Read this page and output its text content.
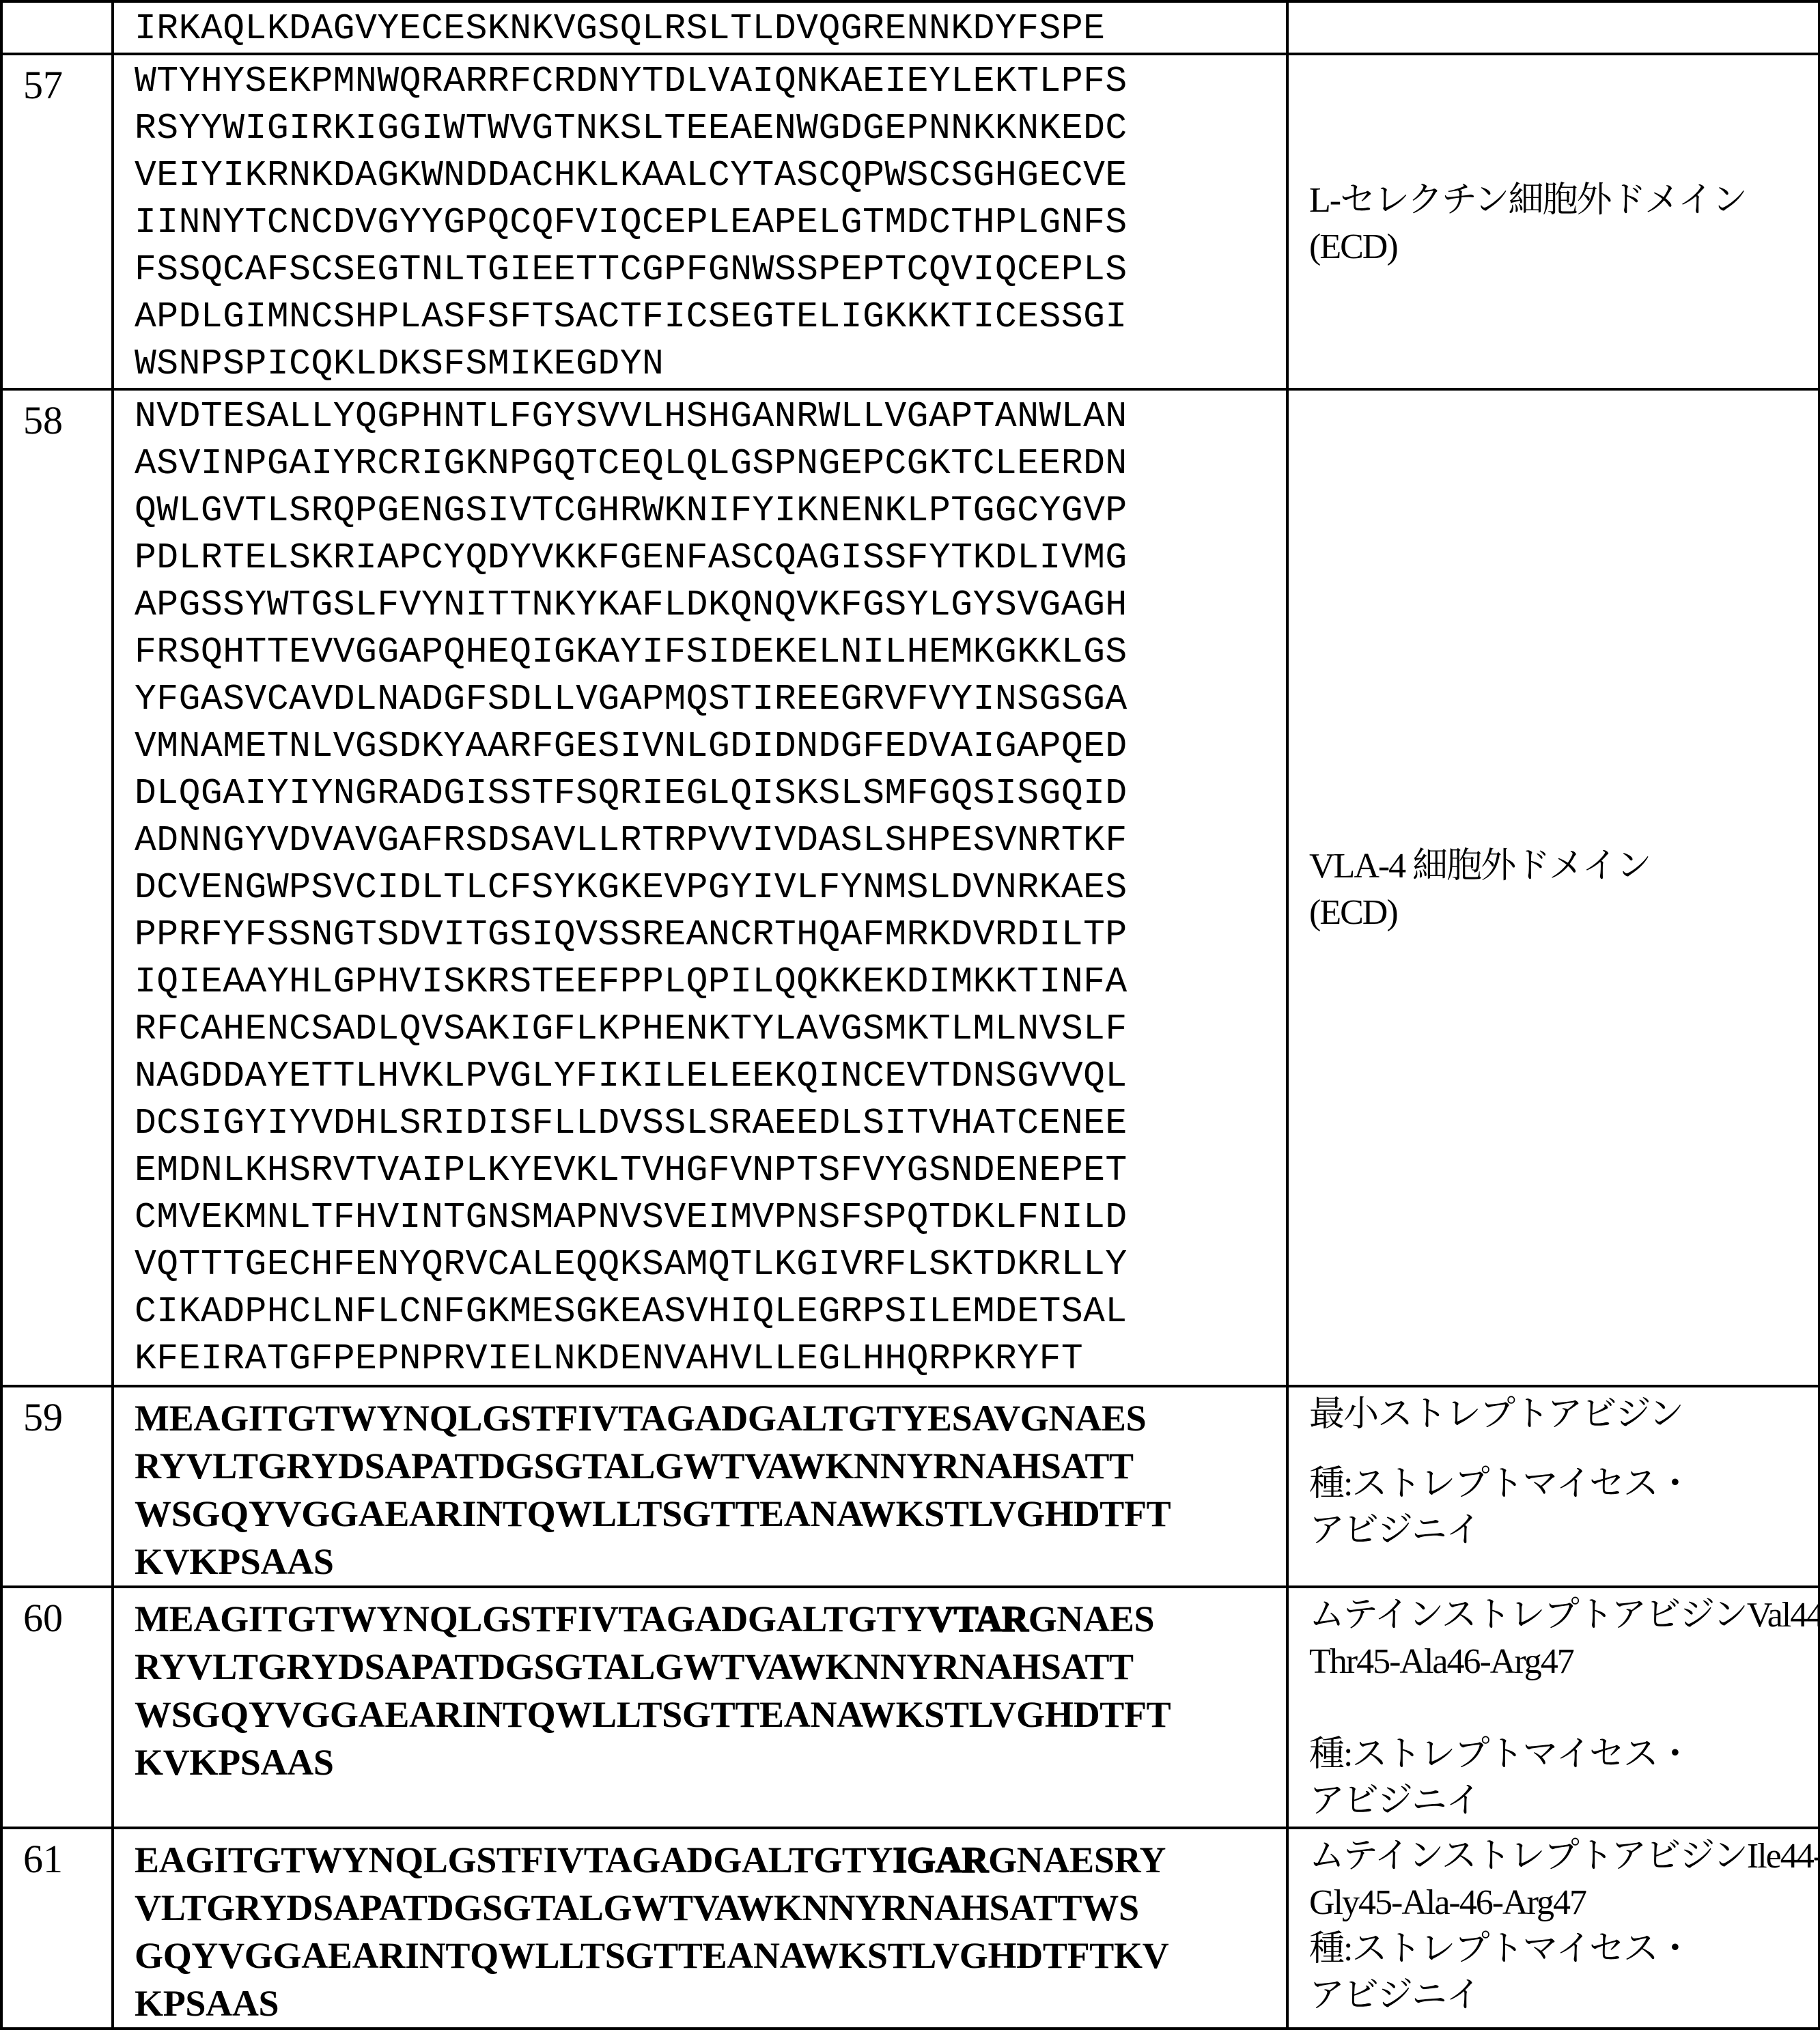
IRKAQLKDAGVYECESKNKVGSQLRSLTLDVQGRENNKDYFSPE

57	WTYHYSEKPMNWQRARRFCRDNYTDLVAIQNKAEIEYLEKTLPFS
RSYYWIGIRKIGGIWTWVGTNKSLTEEAENWGDGEPNNKKNKEDC
VEIYIKRNKDAGKWNDDACHKLKAALCYTASCQPWSCSGHGECVE
IINNYTCNCDVGYYGPQCQFVIQCEPLEAPELGTMDCTHPLGNFS
FSSQCAFSCSEGTNLTGIEETTCGPFGNWSSPEPTCQVIQCEPLS
APDLGIMNCSHPLASFSFTSACTFICSEGTELIGKKKTICESSGI
WSNPSPICQKLDKSFSMIKEGDYN

L-セレクチン細胞外ドメイン
(ECD)

58	NVDTESALLYQGPHNTLFGYSVVLHSHGANRWLLVGAPTANWLAN
ASVINPGAIYRCRIGKNPGQTCEQLQLGSPNGEPCGKTCLEERDN
QWLGVTLSRQPGENGSIVTCGHRWKNIFYIKNENKLPTGGCYGVP
PDLRTELSKRIAPCYQDYVKKFGENFASCQAGISSFYTKDLIVMG
APGSSYWTGSLFVYNITTNKYKAFLDKQNQVKFGSYLGYSVGAGH
FRSQHTTEVVGGAPQHEQIGKAYIFSIDEKELNILHEMKGKKLGS
YFGASVCAVDLNADGFSDLLVGAPMQSTIREEGRVFVYINSGSGA
VMNAMETNLVGSDKYAARFGESIVNLGDIDNDGFEDVAIGAPQED
DLQGAIYIYNGRADGISSTFSQRIEGLQISKSLSMFGQSISGQID
ADNNGYVDVAVGAFRSDSAVLLRTRPVVIVDASLSHPESVNRTKF
DCVENGWPSVCIDLTLCFSYKGKEVPGYIVLFYNMSLDVNRKAES
PPRFYFSSNGTSDVITGSIQVSSREANCRTHQAFMRKDVRDILTP
IQIEAAYHLGPHVISKRSTEEFPPLQPILQQKKEKDIMKKTINFA
RFCAHENCSADLQVSAKIGFLKPHENKTYLAVGSMKTLMLNVSLF
NAGDDAYETTLHVKLPVGLYFIKILELEEKQINCEVTDNSGVVQL
DCSIGYIYVDHLSRIDISFLLDVSSLSRAEEDLSITVHATCENEE
EMDNLKHSRVTVAIPLKYEVKLTVHGFVNPTSFVYGSNDENEPET
CMVEKMNLTFHVINTGNSMAPNVSVEIMVPNSFSPQTDKLFNILD
VQTTTGECHFENYQRVCALEQQKSAMQTLKGIVRFLSKTDKRLLY
CIKADPHCLNFLCNFGKMESGKEASVHIQLEGRPSILEMDETSAL
KFEIRATGFPEPNPRVIELNKDENVAHVLLEGLHHQRPKRYFT

VLA-4 細胞外ドメイン
(ECD)

59	MEAGITGTWYNQLGSTFIVTAGADGALTGTYESAVGNAES
RYVLTGRYDSAPATDGSGTALGWTVAWKNNYRNAHSATT
WSGQYVGGAEARINTQWLLTSGTTEANAWKSTLVGHDTFT
KVKPSAAS

最小ストレプトアビジン
種:ストレプトマイセス・
アビジニイ

60	MEAGITGTWYNQLGSTFIVTAGADGALTGTYVTARGNAES
RYVLTGRYDSAPATDGSGTALGWTVAWKNNYRNAHSATT
WSGQYVGGAEARINTQWLLTSGTTEANAWKSTLVGHDTFT
KVKPSAAS

ムテインストレプトアビジンVal44-
Thr45-Ala46-Arg47
種:ストレプトマイセス・
アビジニイ

61	EAGITGTWYNQLGSTFIVTAGADGALTGTYIGARGNAESRY
VLTGRYDSAPATDGSGTALGWTVAWKNNYRNAHSATTWS
GQYVGGAEARINTQWLLTSGTTEANAWKSTLVGHDTFTKV
KPSAAS

ムテインストレプトアビジンIle44-
Gly45-Ala-46-Arg47
種:ストレプトマイセス・
アビジニイ
